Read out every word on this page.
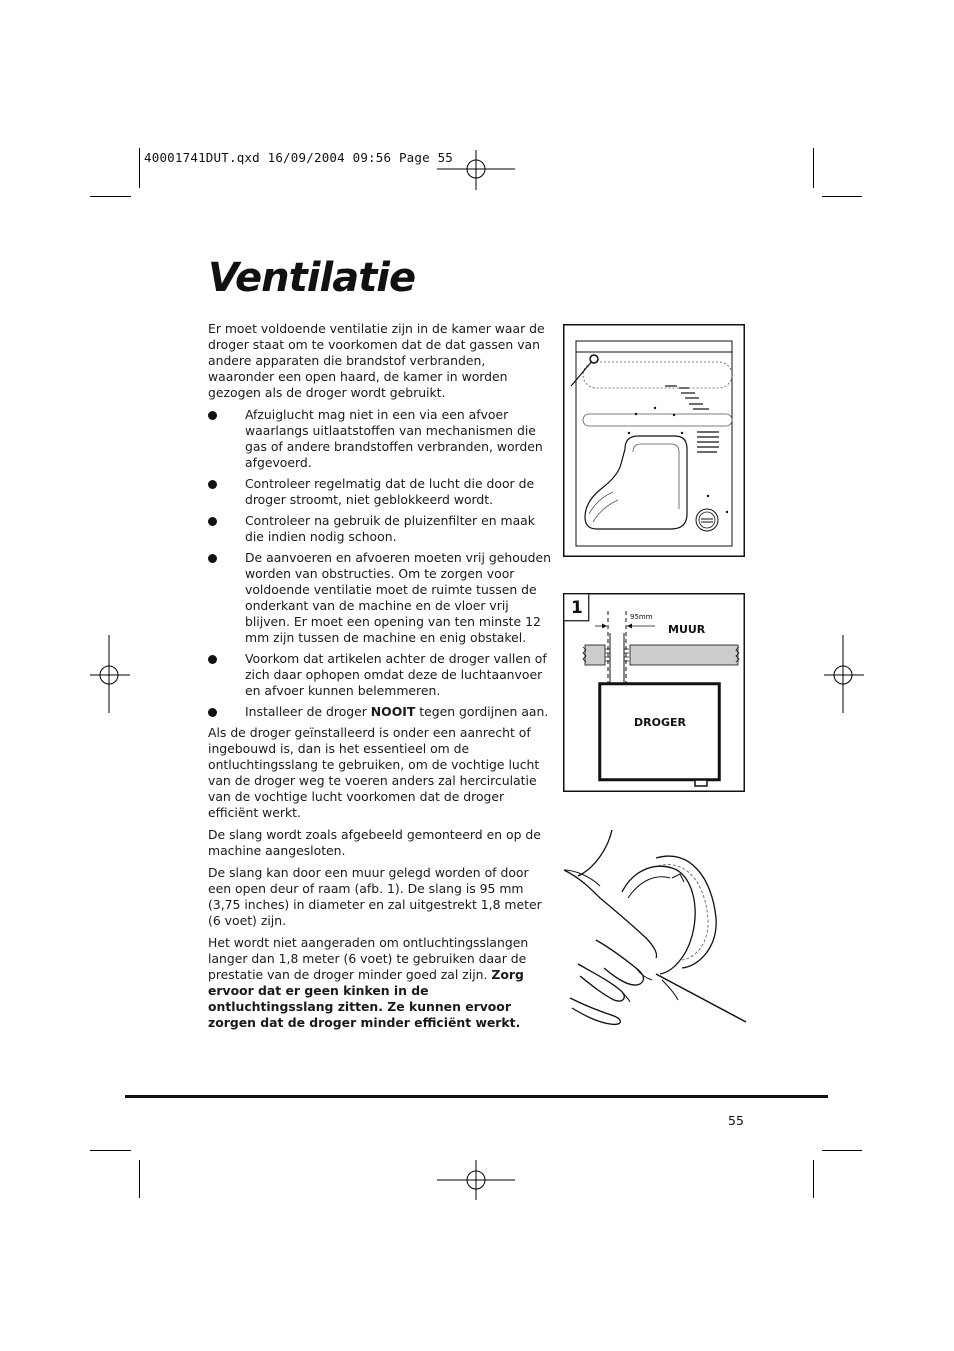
40001741DUT.qxd 16/09/2004 09:56 Page 55
Ventilatie

Er moet voldoende ventilatie zijn in de kamer waar de droger staat om te voorkomen dat de dat gassen van andere apparaten die brandstof verbranden, waaronder een open haard, de kamer in worden gezogen als de droger wordt gebruikt.

Afzuiglucht mag niet in een via een afvoer waarlangs uitlaatstoffen van mechanismen die gas of andere brandstoffen verbranden, worden afgevoerd.
Controleer regelmatig dat de lucht die door de droger stroomt, niet geblokkeerd wordt.
Controleer na gebruik de pluizenfilter en maak die indien nodig schoon.
De aanvoeren en afvoeren moeten vrij gehouden worden van obstructies. Om te zorgen voor voldoende ventilatie moet de ruimte tussen de onderkant van de machine en de vloer vrij blijven. Er moet een opening van ten minste 12 mm zijn tussen de machine en enig obstakel.
Voorkom dat artikelen achter de droger vallen of zich daar ophopen omdat deze de luchtaanvoer en afvoer kunnen belemmeren.
Installeer de droger NOOIT tegen gordijnen aan.

Als de droger geïnstalleerd is onder een aanrecht of ingebouwd is, dan is het essentieel om de ontluchtingsslang te gebruiken, om de vochtige lucht van de droger weg te voeren anders zal hercirculatie van de vochtige lucht voorkomen dat de droger efficiënt werkt.

De slang wordt zoals afgebeeld gemonteerd en op de machine aangesloten.

De slang kan door een muur gelegd worden of door een open deur of raam (afb. 1). De slang is 95 mm (3,75 inches) in diameter en zal uitgestrekt 1,8 meter (6 voet) zijn.

Het wordt niet aangeraden om ontluchtingsslangen langer dan 1,8 meter (6 voet) te gebruiken daar de prestatie van de droger minder goed zal zijn. Zorg ervoor dat er geen kinken in de ontluchtingsslang zitten. Ze kunnen ervoor zorgen dat de droger minder efficiënt werkt.

1	95mm
MUUR
DROGER
55
